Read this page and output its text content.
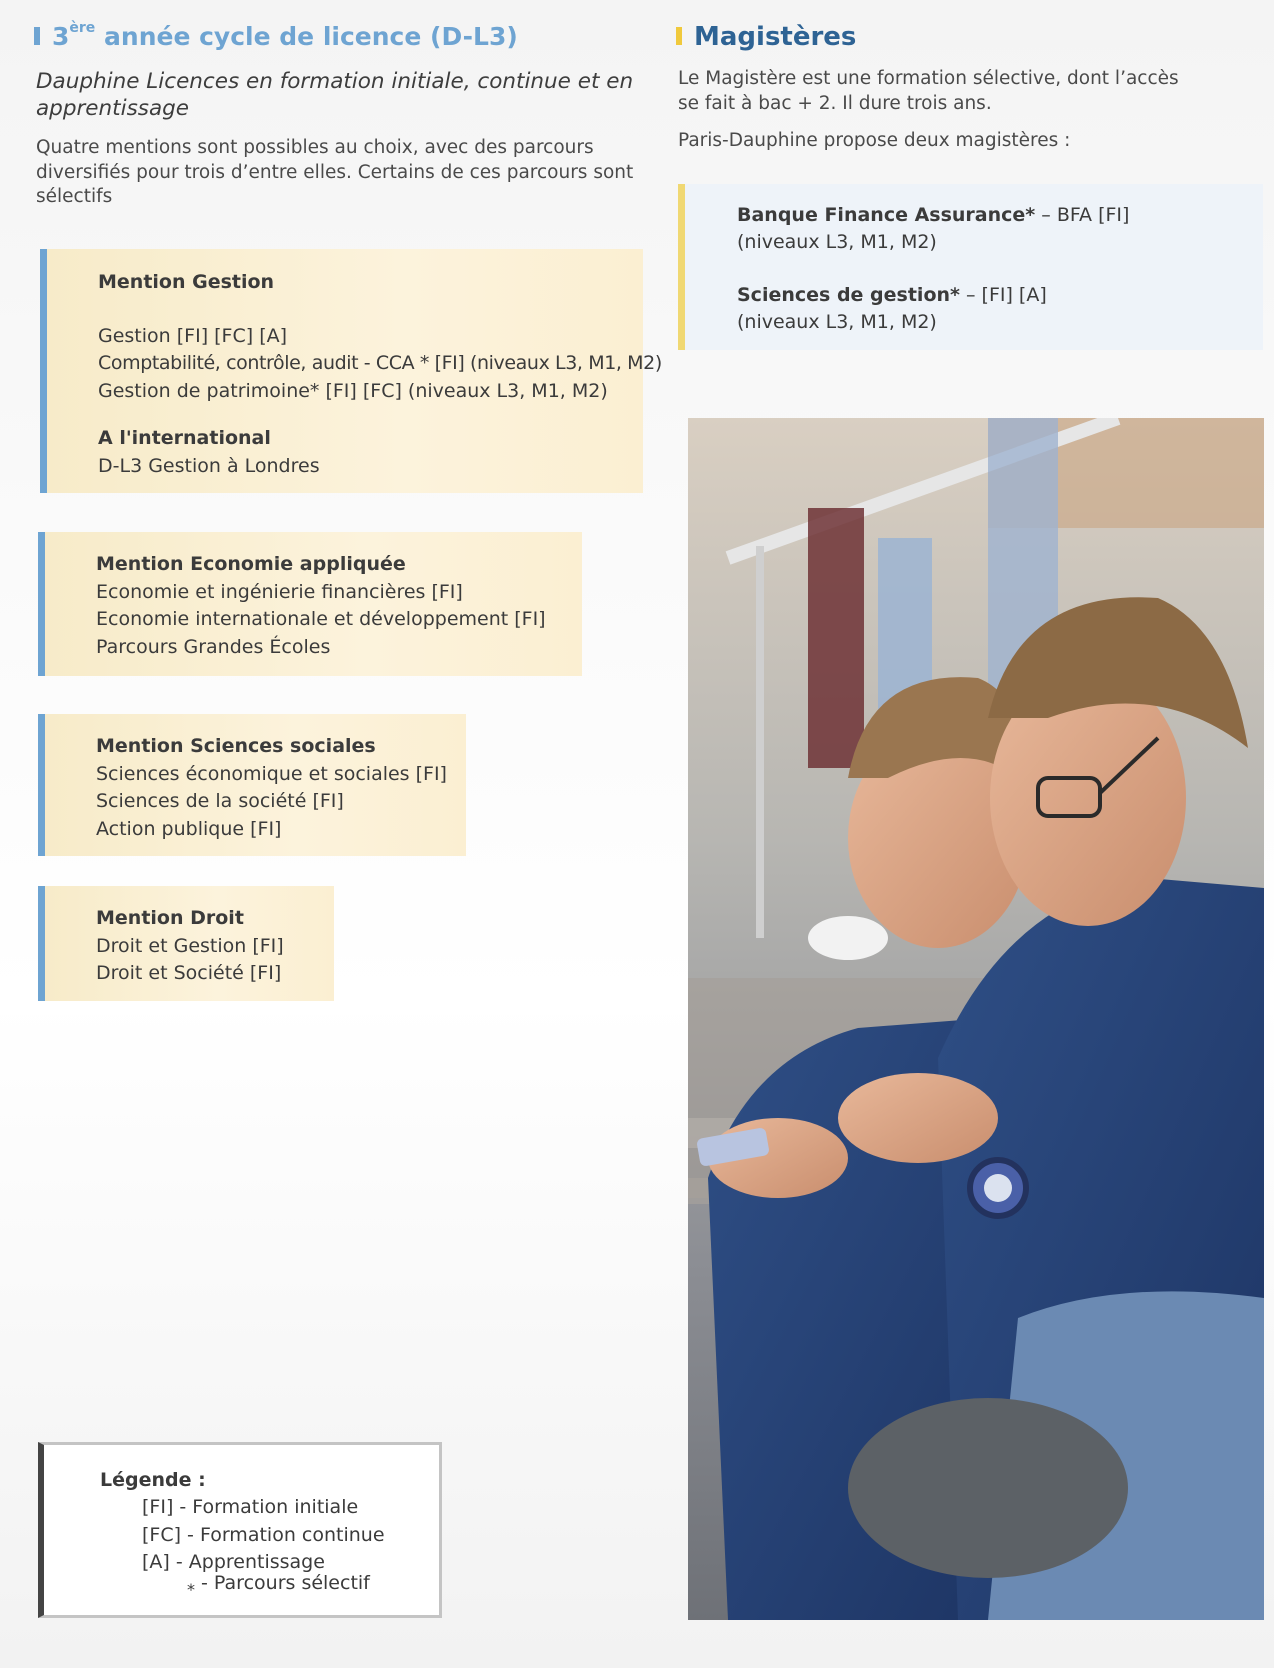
3ère année cycle de licence (D-L3)
Dauphine Licences en formation initiale, continue et en apprentissage
Quatre mentions sont possibles au choix, avec des parcours diversifiés pour trois d’entre elles. Certains de ces parcours sont sélectifs
Mention Gestion
Gestion [FI] [FC] [A]
Comptabilité, contrôle, audit - CCA * [FI] (niveaux L3, M1, M2)
Gestion de patrimoine* [FI] [FC] (niveaux L3, M1, M2)
A l'international
D-L3 Gestion à Londres
Mention Economie appliquée
Economie et ingénierie financières [FI]
Economie internationale et développement [FI]
Parcours Grandes Écoles
Mention Sciences sociales
Sciences économique et sociales [FI]
Sciences de la société [FI]
Action publique [FI]
Mention Droit
Droit et Gestion [FI]
Droit et Société [FI]
Légende :
[FI] - Formation initiale
[FC] - Formation continue
[A] - Apprentissage
$_*$ - Parcours sélectif
Magistères
Le Magistère est une formation sélective, dont l’accès se fait à bac + 2. Il dure trois ans.
Paris-Dauphine propose deux magistères :
Banque Finance Assurance* – BFA [FI]
(niveaux L3, M1, M2)
Sciences de gestion* – [FI] [A]
(niveaux L3, M1, M2)
